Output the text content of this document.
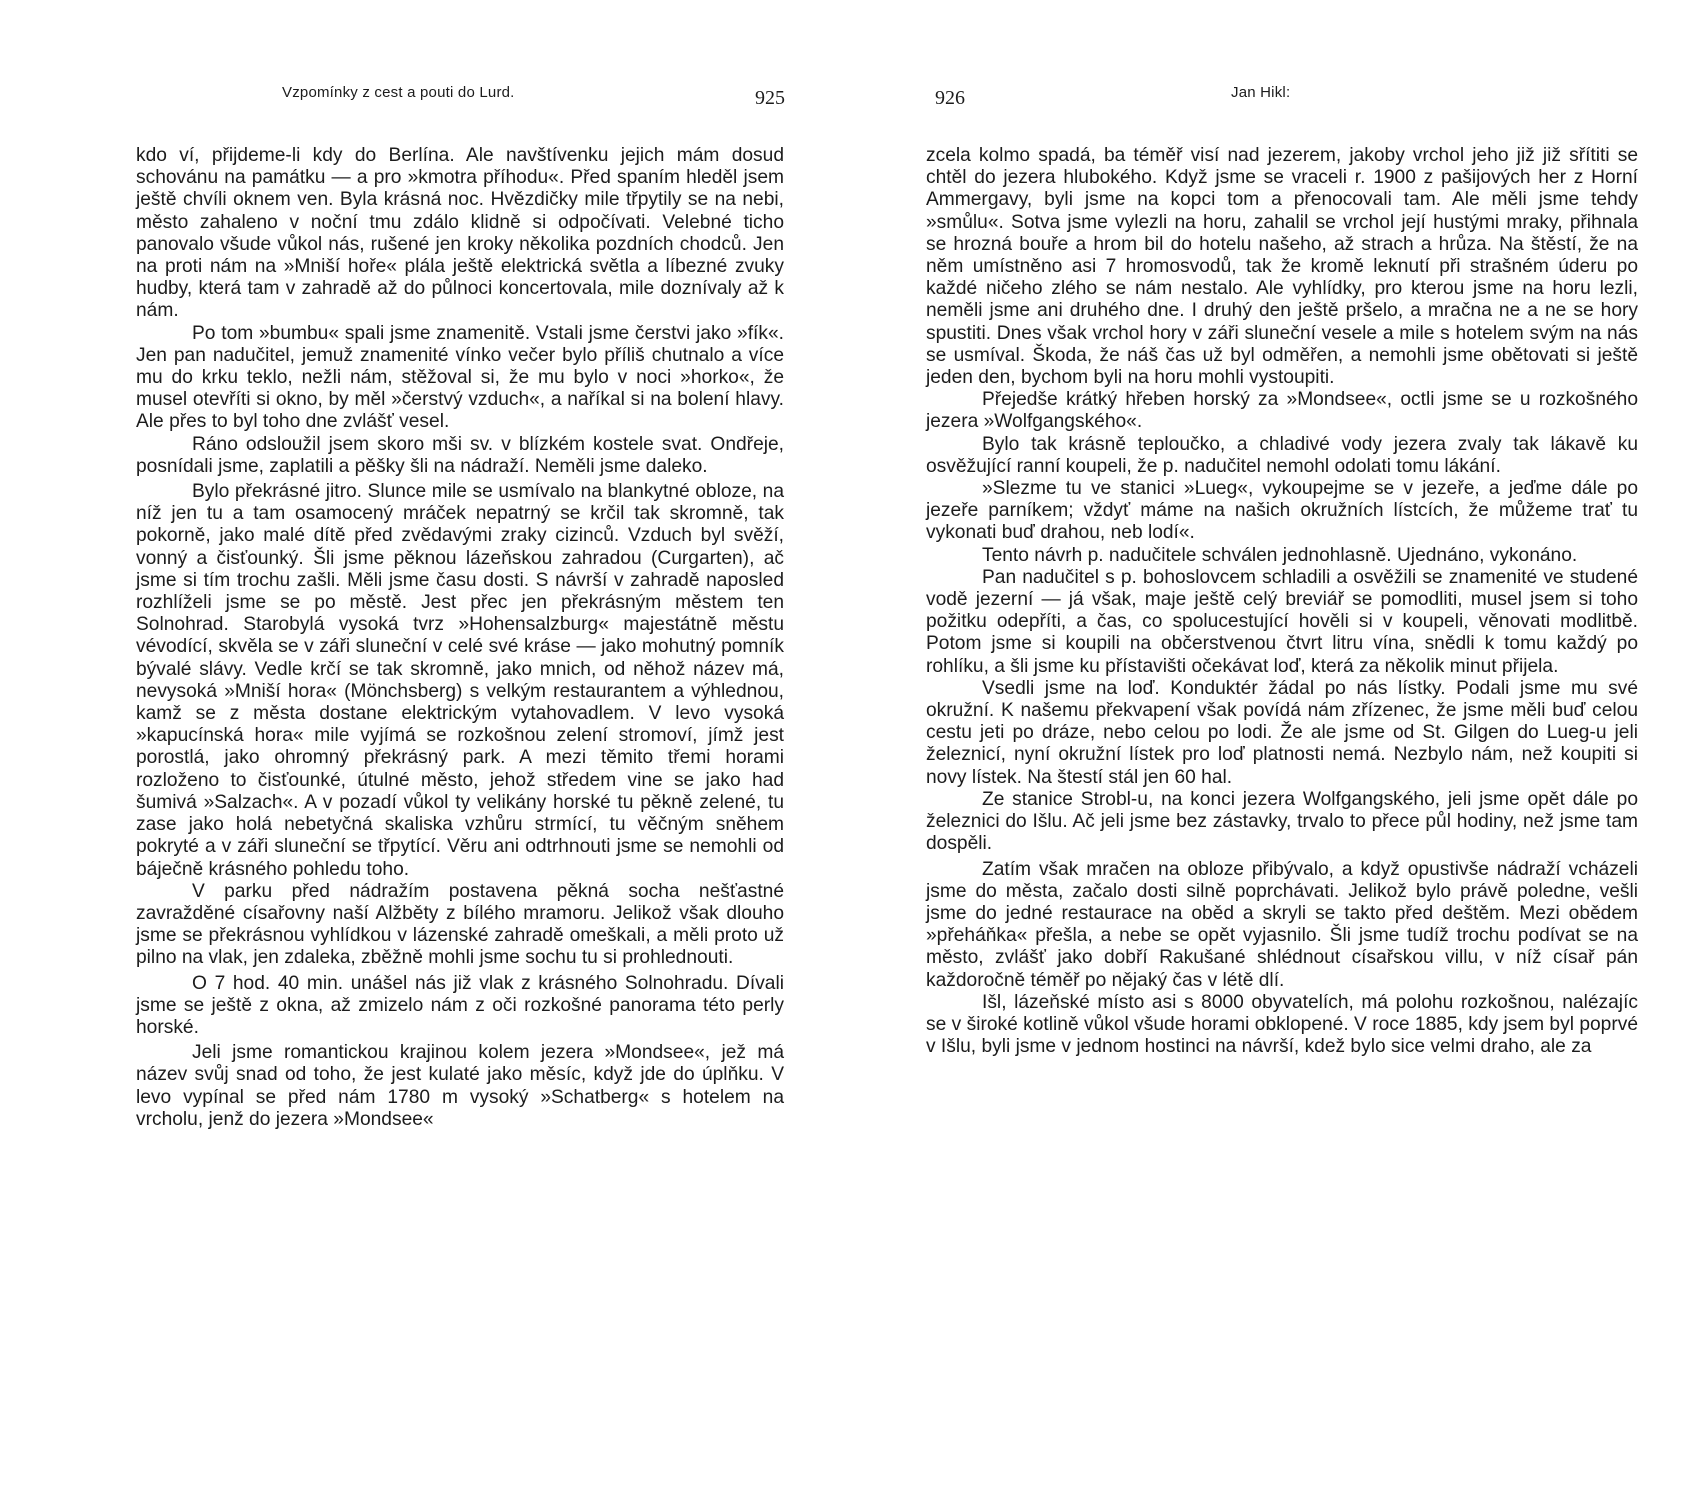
Vzpomínky z cest a pouti do Lurd.	925

kdo ví, přijdeme-li kdy do Berlína. Ale navštívenku jejich mám dosud schovánu na památku — a pro »kmotra příhodu«. Před spaním hleděl jsem ještě chvíli oknem ven. Byla krásná noc. Hvězdičky mile třpytily se na nebi, město zahaleno v noční tmu zdálo klidně si odpočívati. Velebné ticho panovalo všude vůkol nás, rušené jen kroky několika pozdních chodců. Jen na proti nám na »Mniší hoře« plála ještě elektrická světla a líbezné zvuky hudby, která tam v zahradě až do půlnoci koncertovala, mile doznívaly až k nám.

Po tom »bumbu« spali jsme znamenitě. Vstali jsme čerstvi jako »fík«. Jen pan nadučitel, jemuž znamenité vínko večer bylo příliš chutnalo a více mu do krku teklo, nežli nám, stěžoval si, že mu bylo v noci »horko«, že musel otevříti si okno, by měl »čerstvý vzduch«, a naříkal si na bolení hlavy. Ale přes to byl toho dne zvlášť vesel.

Ráno odsloužil jsem skoro mši sv. v blízkém kostele svat. Ondřeje, posnídali jsme, zaplatili a pěšky šli na nádraží. Neměli jsme daleko.

Bylo překrásné jitro. Slunce mile se usmívalo na blankytné obloze, na níž jen tu a tam osamocený mráček nepatrný se krčil tak skromně, tak pokorně, jako malé dítě před zvědavými zraky cizinců. Vzduch byl svěží, vonný a čisťounký. Šli jsme pěknou lázeňskou zahradou (Curgarten), ač jsme si tím trochu zašli. Měli jsme času dosti. S návrší v zahradě naposled rozhlíželi jsme se po městě. Jest přec jen překrásným městem ten Solnohrad. Starobylá vysoká tvrz »Hohensalzburg« majestátně městu vévodící, skvěla se v záři sluneční v celé své kráse — jako mohutný pomník bývalé slávy. Vedle krčí se tak skromně, jako mnich, od něhož název má, nevysoká »Mniší hora« (Mönchsberg) s velkým restaurantem a výhlednou, kamž se z města dostane elektrickým vytahovadlem. V levo vysoká »kapucínská hora« mile vyjímá se rozkošnou zelení stromoví, jímž jest porostlá, jako ohromný překrásný park. A mezi těmito třemi horami rozloženo to čisťounké, útulné město, jehož středem vine se jako had šumivá »Salzach«. A v pozadí vůkol ty velikány horské tu pěkně zelené, tu zase jako holá nebetyčná skaliska vzhůru strmící, tu věčným sněhem pokryté a v záři sluneční se třpytící. Věru ani odtrhnouti jsme se nemohli od báječně krásného pohledu toho.

V parku před nádražím postavena pěkná socha nešťastné zavražděné císařovny naší Alžběty z bílého mramoru. Jelikož však dlouho jsme se překrásnou vyhlídkou v lázenské zahradě omeškali, a měli proto už pilno na vlak, jen zdaleka, zběžně mohli jsme sochu tu si prohlednouti.

O 7 hod. 40 min. unášel nás již vlak z krásného Solnohradu. Dívali jsme se ještě z okna, až zmizelo nám z oči rozkošné panorama této perly horské.

Jeli jsme romantickou krajinou kolem jezera »Mondsee«, jež má název svůj snad od toho, že jest kulaté jako měsíc, když jde do úplňku. V levo vypínal se před nám 1780 m vysoký »Schatberg« s hotelem na vrcholu, jenž do jezera »Mondsee«

926	Jan Hikl:

zcela kolmo spadá, ba téměř visí nad jezerem, jakoby vrchol jeho již již sřítiti se chtěl do jezera hlubokého. Když jsme se vraceli r. 1900 z pašijových her z Horní Ammergavy, byli jsme na kopci tom a přenocovali tam. Ale měli jsme tehdy »smůlu«. Sotva jsme vylezli na horu, zahalil se vrchol její hustými mraky, přihnala se hrozná bouře a hrom bil do hotelu našeho, až strach a hrůza. Na štěstí, že na něm umístněno asi 7 hromosvodů, tak že kromě leknutí při strašném úderu po každé ničeho zlého se nám nestalo. Ale vyhlídky, pro kterou jsme na horu lezli, neměli jsme ani druhého dne. I druhý den ještě pršelo, a mračna ne a ne se hory spustiti. Dnes však vrchol hory v záři sluneční vesele a mile s hotelem svým na nás se usmíval. Škoda, že náš čas už byl odměřen, a nemohli jsme obětovati si ještě jeden den, bychom byli na horu mohli vystoupiti.

Přejedše krátký hřeben horský za »Mondsee«, octli jsme se u rozkošného jezera »Wolfgangského«.

Bylo tak krásně teploučko, a chladivé vody jezera zvaly tak lákavě ku osvěžující ranní koupeli, že p. nadučitel nemohl odolati tomu lákání.

»Slezme tu ve stanici »Lueg«, vykoupejme se v jezeře, a jeďme dále po jezeře parníkem; vždyť máme na našich okružních lístcích, že můžeme trať tu vykonati buď drahou, neb lodí«.

Tento návrh p. nadučitele schválen jednohlasně. Ujednáno, vykonáno.

Pan nadučitel s p. bohoslovcem schladili a osvěžili se znamenité ve studené vodě jezerní — já však, maje ještě celý breviář se pomodliti, musel jsem si toho požitku odepříti, a čas, co spolucestující hověli si v koupeli, věnovati modlitbě. Potom jsme si koupili na občerstvenou čtvrt litru vína, snědli k tomu každý po rohlíku, a šli jsme ku přístavišti očekávat loď, která za několik minut přijela.

Vsedli jsme na loď. Konduktér žádal po nás lístky. Podali jsme mu své okružní. K našemu překvapení však povídá nám zřízenec, že jsme měli buď celou cestu jeti po dráze, nebo celou po lodi. Že ale jsme od St. Gilgen do Lueg-u jeli železnicí, nyní okružní lístek pro loď platnosti nemá. Nezbylo nám, než koupiti si novy lístek. Na štestí stál jen 60 hal.

Ze stanice Strobl-u, na konci jezera Wolfgangského, jeli jsme opět dále po železnici do Išlu. Ač jeli jsme bez zástavky, trvalo to přece půl hodiny, než jsme tam dospěli.

Zatím však mračen na obloze přibývalo, a když opustivše nádraží vcházeli jsme do města, začalo dosti silně poprchávati. Jelikož bylo právě poledne, vešli jsme do jedné restaurace na oběd a skryli se takto před deštěm. Mezi obědem »přeháňka« přešla, a nebe se opět vyjasnilo. Šli jsme tudíž trochu podívat se na město, zvlášť jako dobří Rakušané shlédnout císařskou villu, v níž císař pán každoročně téměř po nějaký čas v létě dlí.

Išl, lázeňské místo asi s 8000 obyvatelích, má polohu rozkošnou, nalézajíc se v široké kotlině vůkol všude horami obklopené. V roce 1885, kdy jsem byl poprvé v Išlu, byli jsme v jednom hostinci na návrší, kdež bylo sice velmi draho, ale za
